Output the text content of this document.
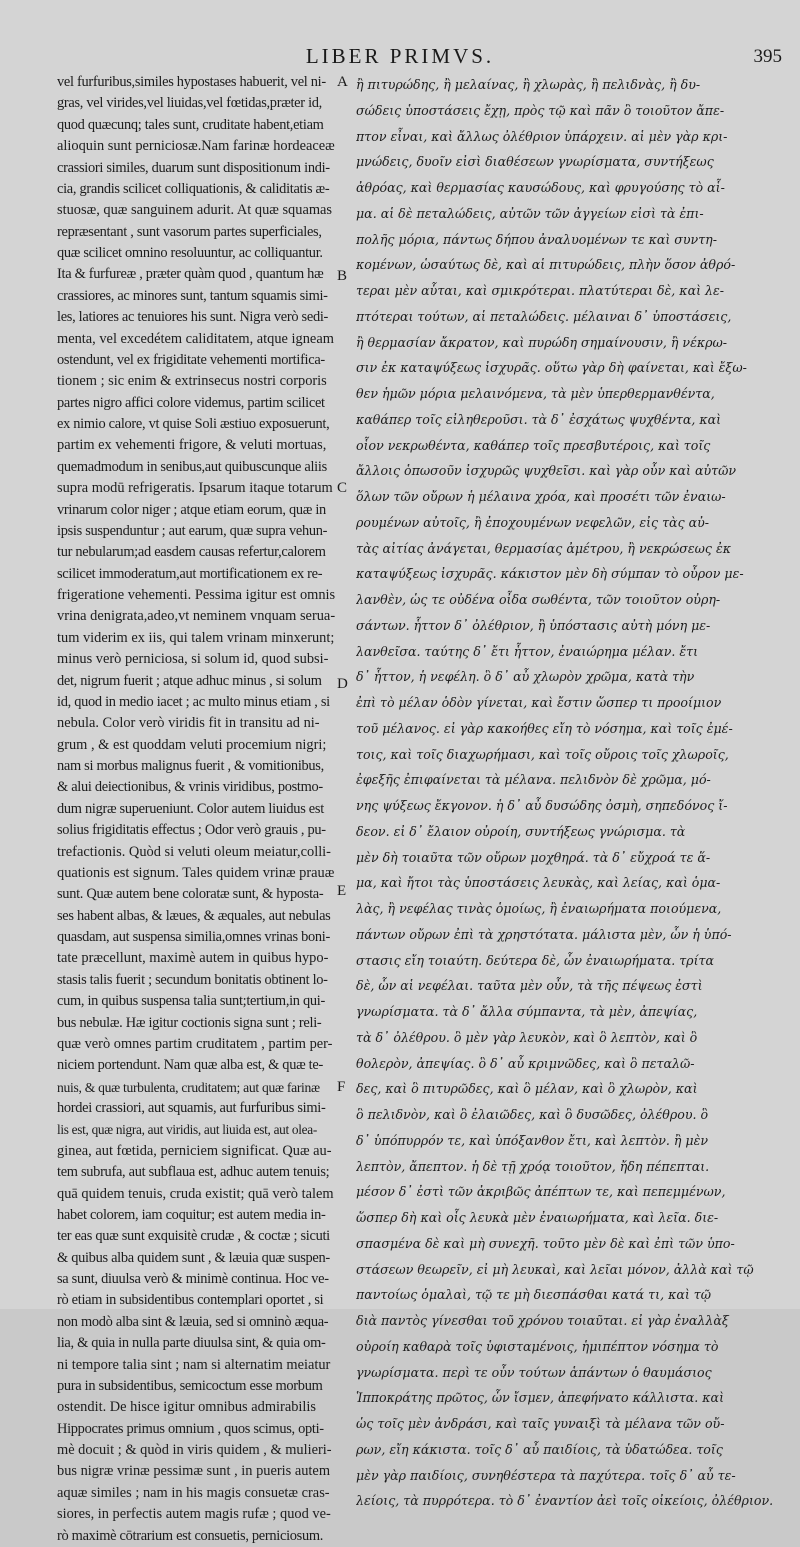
LIBER PRIMVS.	395
vel furfuribus,similes hypostases habuerit, vel ni-
gras, vel virides,vel liuidas,vel fœtidas,præter id,
quod quæcunq; tales sunt, cruditate habent,etiam
alioquin sunt perniciosæ.Nam farinæ hordeaceæ
crassiori similes, duarum sunt dispositionum indi-
cia, grandis scilicet colliquationis, & caliditatis æ-
stuosæ, quæ sanguinem adurit. At quæ squamas
repræsentant , sunt vasorum partes superficiales,
quæ scilicet omnino resoluuntur, ac colliquantur.
Ita & furfureæ , præter quàm quod , quantum hæ
crassiores, ac minores sunt, tantum squamis simi-
les, latiores ac tenuiores his sunt. Nigra verò sedi-
menta, vel excedétem caliditatem, atque igneam
ostendunt, vel ex frigiditate vehementi mortifica-
tionem ; sic enim & extrinsecus nostri corporis
partes nigro affici colore videmus, partim scilicet
ex nimio calore, vt quise Soli æstiuo exposuerunt,
partim ex vehementi frigore, & veluti mortuas,
quemadmodum in senibus,aut quibuscunque aliis
supra modū refrigeratis. Ipsarum itaque totarum
vrinarum color niger ; atque etiam eorum, quæ in
ipsis suspenduntur ; aut earum, quæ supra vehun-
tur nebularum;ad easdem causas refertur,calorem
scilicet immoderatum,aut mortificationem ex re-
frigeratione vehementi. Pessima igitur est omnis
vrina denigrata,adeo,vt neminem vnquam serua-
tum viderim ex iis, qui talem vrinam minxerunt;
minus verò perniciosa, si solum id, quod subsi-
det, nigrum fuerit ; atque adhuc minus , si solum
id, quod in medio iacet ; ac multo minus etiam , si
nebula. Color verò viridis fit in transitu ad ni-
grum , & est quoddam veluti procemium nigri;
nam si morbus malignus fuerit , & vomitionibus,
& alui deiectionibus, & vrinis viridibus, postmo-
dum nigræ superueniunt. Color autem liuidus est
solius frigiditatis effectus ; Odor verò grauis , pu-
trefactionis. Quòd si veluti oleum meiatur,colli-
quationis est signum. Tales quidem vrinæ prauæ
sunt. Quæ autem bene coloratæ sunt, & hyposta-
ses habent albas, & læues, & æquales, aut nebulas
quasdam, aut suspensa similia,omnes vrinas boni-
tate præcellunt, maximè autem in quibus hypo-
stasis talis fuerit ; secundum bonitatis obtinent lo-
cum, in quibus suspensa talia sunt;tertium,in qui-
bus nebulæ. Hæ igitur coctionis signa sunt ; reli-
quæ verò omnes partim cruditatem , partim per-
niciem portendunt. Nam quæ alba est, & quæ te-
nuis, & quæ turbulenta, cruditatem; aut quæ farinæ
hordei crassiori, aut squamis, aut furfuribus simi-
lis est, quæ nigra, aut viridis, aut liuida est, aut olea-
ginea, aut fœtida, perniciem significat. Quæ au-
tem subrufa, aut subflaua est, adhuc autem tenuis;
quā quidem tenuis, cruda existit; quā verò talem
habet colorem, iam coquitur; est autem media in-
ter eas quæ sunt exquisitè crudæ , & coctæ ; sicuti
& quibus alba quidem sunt , & læuia quæ suspen-
sa sunt, diuulsa verò & minimè continua. Hoc ve-
rò etiam in subsidentibus contemplari oportet , si
non modò alba sint & læuia, sed si omninò æqua-
lia, & quia in nulla parte diuulsa sint, & quia om-
ni tempore talia sint ; nam si alternatim meiatur
pura in subsidentibus, semicoctum esse morbum
ostendit. De hisce igitur omnibus admirabilis
Hippocrates primus omnium , quos scimus, opti-
mè docuit ; & quòd in viris quidem , & mulieri-
bus nigræ vrinæ pessimæ sunt , in pueris autem
aquæ similes ; nam in his magis consuetæ cras-
siores, in perfectis autem magis rufæ ; quod ve-
rò maximè cōtrarium est consuetis, perniciosum.
A
B
C
D
E
F
ἢ πιτυρώδης, ἢ μελαίνας, ἢ χλωρὰς, ἢ πελιδνὰς, ἢ δυ-
σώδεις ὑποστάσεις ἔχῃ, πρὸς τῷ καὶ πᾶν ὃ τοιοῦτον ἄπε-
πτον εἶναι, καὶ ἄλλως ὀλέθριον ὑπάρχειν. αἱ μὲν γὰρ κρι-
μνώδεις, δυοῖν εἰσὶ διαθέσεων γνωρίσματα, συντήξεως
ἀθρόας, καὶ θερμασίας καυσώδους, καὶ φρυγούσης τὸ αἷ-
μα. αἱ δὲ πεταλώδεις, αὐτῶν τῶν ἀγγείων εἰσὶ τὰ ἐπι-
πολῆς μόρια, πάντως δήπου ἀναλυομένων τε καὶ συντη-
κομένων, ὡσαύτως δὲ, καὶ αἱ πιτυρώδεις, πλὴν ὅσον ἀθρό-
τεραι μὲν αὗται, καὶ σμικρότεραι. πλατύτεραι δὲ, καὶ λε-
πτότεραι τούτων, αἱ πεταλώδεις. μέλαιναι δ᾽ ὑποστάσεις,
ἢ θερμασίαν ἄκρατον, καὶ πυρώδη σημαίνουσιν, ἢ νέκρω-
σιν ἐκ καταψύξεως ἰσχυρᾶς. οὕτω γὰρ δὴ φαίνεται, καὶ ἔξω-
θεν ἡμῶν μόρια μελαινόμενα, τὰ μὲν ὑπερθερμανθέντα,
καθάπερ τοῖς εἰληθεροῦσι. τὰ δ᾽ ἐσχάτως ψυχθέντα, καὶ
οἷον νεκρωθέντα, καθάπερ τοῖς πρεσβυτέροις, καὶ τοῖς
ἄλλοις ὁπωσοῦν ἰσχυρῶς ψυχθεῖσι. καὶ γὰρ οὖν καὶ αὐτῶν
ὅλων τῶν οὔρων ἡ μέλαινα χρόα, καὶ προσέτι τῶν ἐναιω-
ρουμένων αὐτοῖς, ἢ ἐποχουμένων νεφελῶν, εἰς τὰς αὐ-
τὰς αἰτίας ἀνάγεται, θερμασίας ἀμέτρου, ἢ νεκρώσεως ἐκ
καταψύξεως ἰσχυρᾶς. κάκιστον μὲν δὴ σύμπαν τὸ οὖρον με-
λανθὲν, ὡς τε οὐδένα οἶδα σωθέντα, τῶν τοιοῦτον οὐρη-
σάντων. ἧττον δ᾽ ὀλέθριον, ἢ ὑπόστασις αὐτὴ μόνη με-
λανθεῖσα. ταύτης δ᾽ ἔτι ἧττον, ἐναιώρημα μέλαν. ἔτι
δ᾽ ἧττον, ἡ νεφέλη. ὃ δ᾽ αὖ χλωρὸν χρῶμα, κατὰ τὴν
ἐπὶ τὸ μέλαν ὁδὸν γίνεται, καὶ ἔστιν ὥσπερ τι προοίμιον
τοῦ μέλανος. εἰ γὰρ κακοήθες εἴη τὸ νόσημα, καὶ τοῖς ἐμέ-
τοις, καὶ τοῖς διαχωρήμασι, καὶ τοῖς οὔροις τοῖς χλωροῖς,
ἐφεξῆς ἐπιφαίνεται τὰ μέλανα. πελιδνὸν δὲ χρῶμα, μό-
νης ψύξεως ἔκγονον. ἡ δ᾽ αὖ δυσώδης ὀσμὴ, σηπεδόνος ἴ-
δεον. εἰ δ᾽ ἔλαιον οὐροίη, συντήξεως γνώρισμα. τὰ
μὲν δὴ τοιαῦτα τῶν οὔρων μοχθηρά. τὰ δ᾽ εὔχροά τε ἅ-
μα, καὶ ἤτοι τὰς ὑποστάσεις λευκὰς, καὶ λείας, καὶ ὁμα-
λὰς, ἢ νεφέλας τινὰς ὁμοίως, ἢ ἐναιωρήματα ποιούμενα,
πάντων οὔρων ἐπὶ τὰ χρηστότατα. μάλιστα μὲν, ὧν ἡ ὑπό-
στασις εἴη τοιαύτη. δεύτερα δὲ, ὧν ἐναιωρήματα. τρίτα
δὲ, ὧν αἱ νεφέλαι. ταῦτα μὲν οὖν, τὰ τῆς πέψεως ἐστὶ
γνωρίσματα. τὰ δ᾽ ἄλλα σύμπαντα, τὰ μὲν, ἀπεψίας,
τὰ δ᾽ ὀλέθρου. ὃ μὲν γὰρ λευκὸν, καὶ ὃ λεπτὸν, καὶ ὃ
θολερὸν, ἀπεψίας. ὃ δ᾽ αὖ κριμνῶδες, καὶ ὃ πεταλῶ-
δες, καὶ ὃ πιτυρῶδες, καὶ ὃ μέλαν, καὶ ὃ χλωρὸν, καὶ
ὃ πελιδνὸν, καὶ ὃ ἐλαιῶδες, καὶ ὃ δυσῶδες, ὀλέθρου. ὃ
δ᾽ ὑπόπυρρόν τε, καὶ ὑπόξανθον ἔτι, καὶ λεπτὸν. ἢ μὲν
λεπτὸν, ἄπεπτον. ἡ δὲ τῇ χρόᾳ τοιοῦτον, ἤδη πέπεπται.
μέσον δ᾽ ἐστὶ τῶν ἀκριβῶς ἀπέπτων τε, καὶ πεπεμμένων,
ὥσπερ δὴ καὶ οἷς λευκὰ μὲν ἐναιωρήματα, καὶ λεῖα. διε-
σπασμένα δὲ καὶ μὴ συνεχῆ. τοῦτο μὲν δὲ καὶ ἐπὶ τῶν ὑπο-
στάσεων θεωρεῖν, εἰ μὴ λευκαὶ, καὶ λεῖαι μόνον, ἀλλὰ καὶ τῷ
παντοίως ὁμαλαὶ, τῷ τε μὴ διεσπάσθαι κατά τι, καὶ τῷ
διὰ παντὸς γίνεσθαι τοῦ χρόνου τοιαῦται. εἰ γὰρ ἐναλλὰξ
οὐροίη καθαρὰ τοῖς ὑφισταμένοις, ἡμιπέπτον νόσημα τὸ
γνωρίσματα. περὶ τε οὖν τούτων ἁπάντων ὁ θαυμάσιος
Ἱπποκράτης πρῶτος, ὧν ἴσμεν, ἀπεφήνατο κάλλιστα. καὶ
ὡς τοῖς μὲν ἀνδράσι, καὶ ταῖς γυναιξὶ τὰ μέλανα τῶν οὔ-
ρων, εἴη κάκιστα. τοῖς δ᾽ αὖ παιδίοις, τὰ ὑδατώδεα. τοῖς
μὲν γὰρ παιδίοις, συνηθέστερα τὰ παχύτερα. τοῖς δ᾽ αὖ τε-
λείοις, τὰ πυρρότερα. τὸ δ᾽ ἐναντίον ἀεὶ τοῖς οἰκείοις, ὀλέθριον.
